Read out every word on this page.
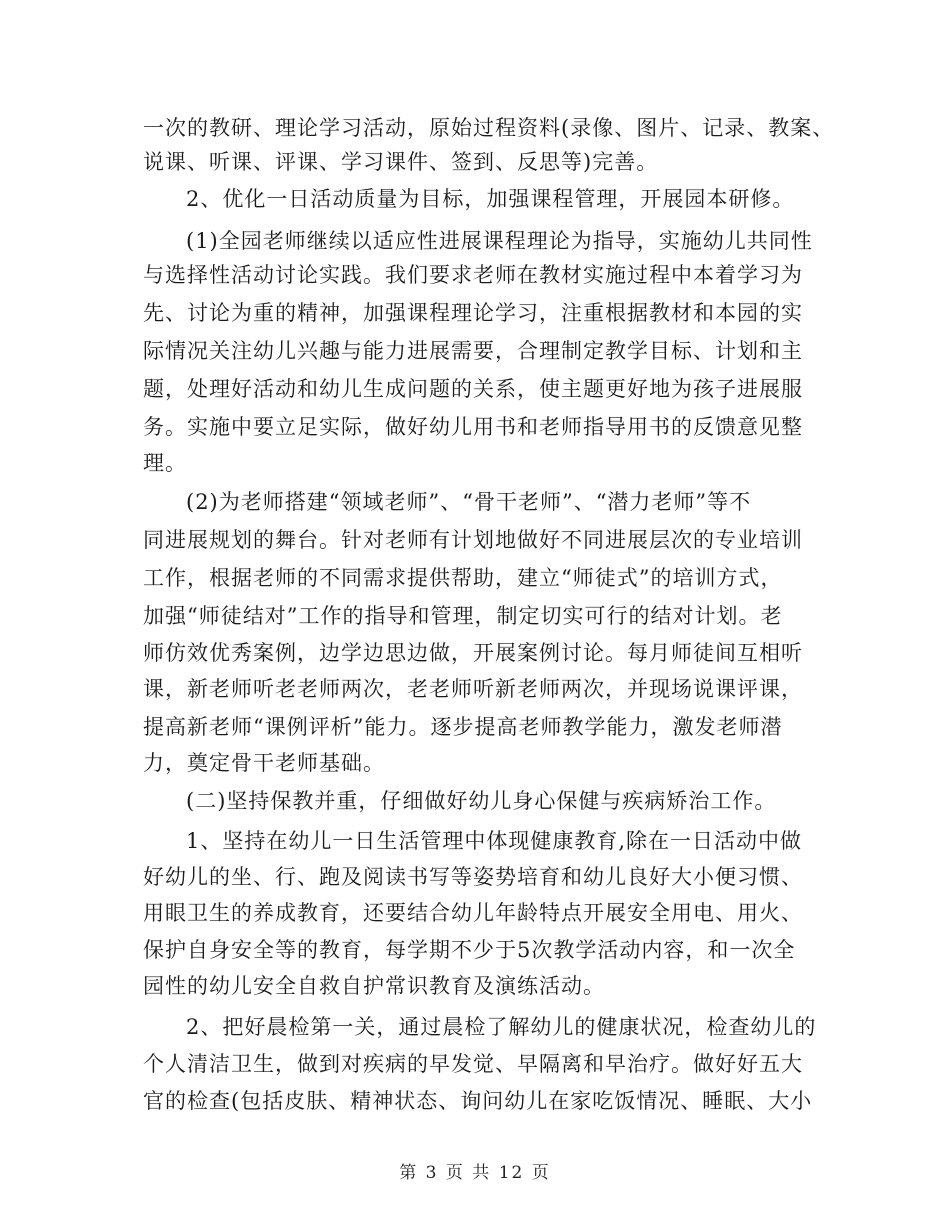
一次的教研、理论学习活动，原始过程资料(录像、图片、记录、教案、
说课、听课、评课、学习课件、签到、反思等)完善。
2、优化一日活动质量为目标，加强课程管理，开展园本研修。
(1)全园老师继续以适应性进展课程理论为指导，实施幼儿共同性
与选择性活动讨论实践。我们要求老师在教材实施过程中本着学习为
先、讨论为重的精神，加强课程理论学习，注重根据教材和本园的实
际情况关注幼儿兴趣与能力进展需要，合理制定教学目标、计划和主
题，处理好活动和幼儿生成问题的关系，使主题更好地为孩子进展服
务。实施中要立足实际，做好幼儿用书和老师指导用书的反馈意见整
理。
(2)为老师搭建“领域老师”、“骨干老师”、“潜力老师”等不
同进展规划的舞台。针对老师有计划地做好不同进展层次的专业培训
工作，根据老师的不同需求提供帮助，建立“师徒式”的培训方式，
加强“师徒结对”工作的指导和管理，制定切实可行的结对计划。老
师仿效优秀案例，边学边思边做，开展案例讨论。每月师徒间互相听
课，新老师听老老师两次，老老师听新老师两次，并现场说课评课，
提高新老师“课例评析”能力。逐步提高老师教学能力，激发老师潜
力，奠定骨干老师基础。
(二)坚持保教并重，仔细做好幼儿身心保健与疾病矫治工作。
1、坚持在幼儿一日生活管理中体现健康教育,除在一日活动中做
好幼儿的坐、行、跑及阅读书写等姿势培育和幼儿良好大小便习惯、
用眼卫生的养成教育，还要结合幼儿年龄特点开展安全用电、用火、
保护自身安全等的教育，每学期不少于5次教学活动内容，和一次全
园性的幼儿安全自救自护常识教育及演练活动。
2、把好晨检第一关，通过晨检了解幼儿的健康状况，检查幼儿的
个人清洁卫生，做到对疾病的早发觉、早隔离和早治疗。做好好五大
官的检查(包括皮肤、精神状态、询问幼儿在家吃饭情况、睡眠、大小
第 3 页 共 12 页
